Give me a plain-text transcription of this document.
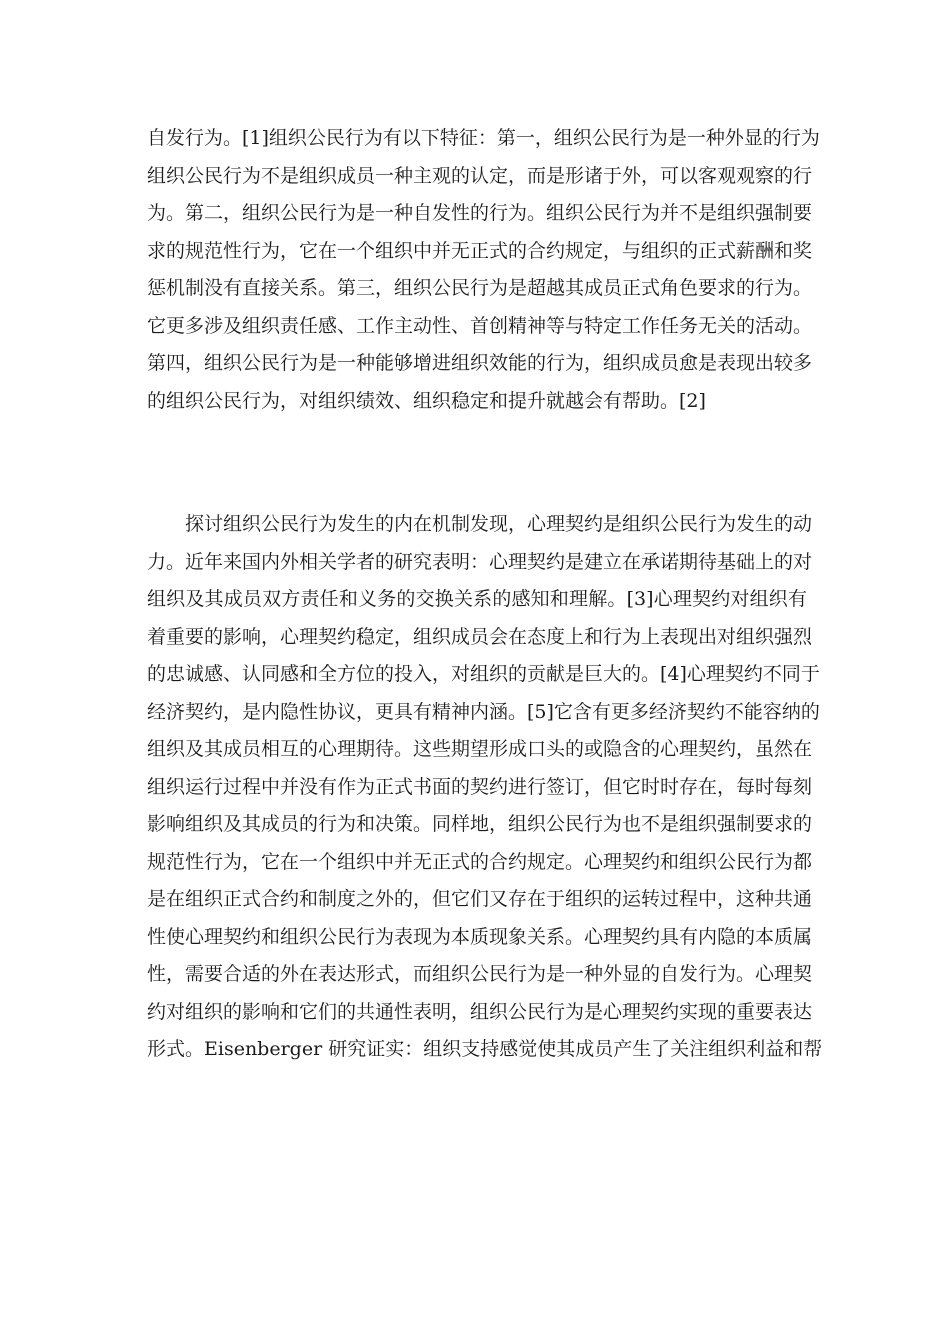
自发行为。[1]组织公民行为有以下特征：第一，组织公民行为是一种外显的行为
组织公民行为不是组织成员一种主观的认定，而是形诸于外，可以客观观察的行
为。第二，组织公民行为是一种自发性的行为。组织公民行为并不是组织强制要
求的规范性行为，它在一个组织中并无正式的合约规定，与组织的正式薪酬和奖
惩机制没有直接关系。第三，组织公民行为是超越其成员正式角色要求的行为。
它更多涉及组织责任感、工作主动性、首创精神等与特定工作任务无关的活动。
第四，组织公民行为是一种能够增进组织效能的行为，组织成员愈是表现出较多
的组织公民行为，对组织绩效、组织稳定和提升就越会有帮助。[2]
探讨组织公民行为发生的内在机制发现，心理契约是组织公民行为发生的动
力。近年来国内外相关学者的研究表明：心理契约是建立在承诺期待基础上的对
组织及其成员双方责任和义务的交换关系的感知和理解。[3]心理契约对组织有
着重要的影响，心理契约稳定，组织成员会在态度上和行为上表现出对组织强烈
的忠诚感、认同感和全方位的投入，对组织的贡献是巨大的。[4]心理契约不同于
经济契约，是内隐性协议，更具有精神内涵。[5]它含有更多经济契约不能容纳的
组织及其成员相互的心理期待。这些期望形成口头的或隐含的心理契约，虽然在
组织运行过程中并没有作为正式书面的契约进行签订，但它时时存在，每时每刻
影响组织及其成员的行为和决策。同样地，组织公民行为也不是组织强制要求的
规范性行为，它在一个组织中并无正式的合约规定。心理契约和组织公民行为都
是在组织正式合约和制度之外的，但它们又存在于组织的运转过程中，这种共通
性使心理契约和组织公民行为表现为本质现象关系。心理契约具有内隐的本质属
性，需要合适的外在表达形式，而组织公民行为是一种外显的自发行为。心理契
约对组织的影响和它们的共通性表明，组织公民行为是心理契约实现的重要表达
形式。Eisenberger 研究证实：组织支持感觉使其成员产生了关注组织利益和帮
